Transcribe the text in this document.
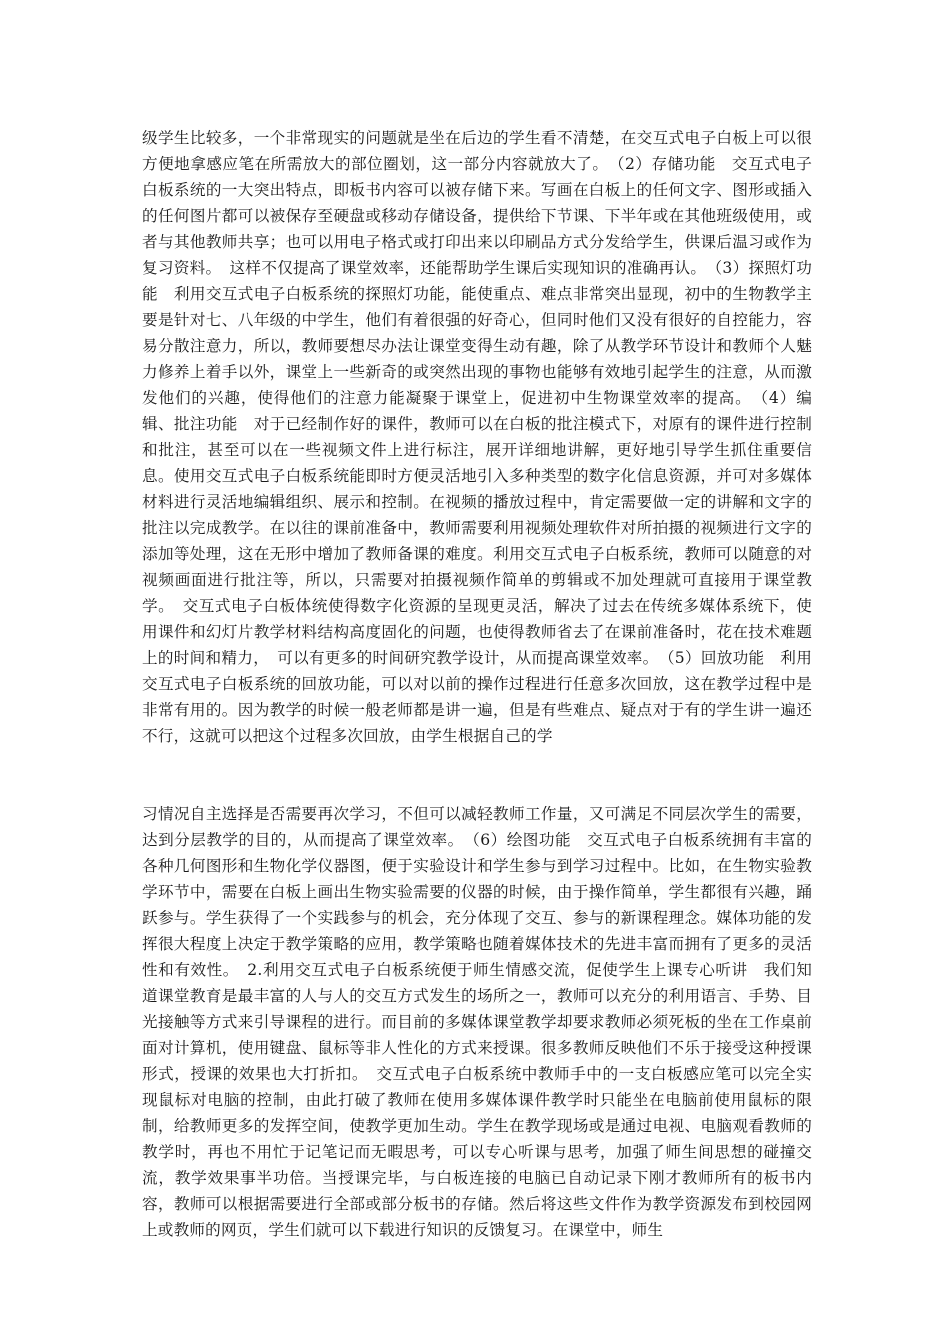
级学生比较多，一个非常现实的问题就是坐在后边的学生看不清楚，在交互式电子白板上可以很方便地拿感应笔在所需放大的部位圈划，这一部分内容就放大了。　（2）存储功能　交互式电子白板系统的一大突出特点，即板书内容可以被存储下来。写画在白板上的任何文字、图形或插入的任何图片都可以被保存至硬盘或移动存储设备，提供给下节课、下半年或在其他班级使用，或者与其他教师共享；也可以用电子格式或打印出来以印刷品方式分发给学生，供课后温习或作为复习资料。　这样不仅提高了课堂效率，还能帮助学生课后实现知识的准确再认。　（3）探照灯功能　利用交互式电子白板系统的探照灯功能，能使重点、难点非常突出显现，初中的生物教学主要是针对七、八年级的中学生，他们有着很强的好奇心，但同时他们又没有很好的自控能力，容易分散注意力，所以，教师要想尽办法让课堂变得生动有趣，除了从教学环节设计和教师个人魅力修养上着手以外，课堂上一些新奇的或突然出现的事物也能够有效地引起学生的注意，从而激发他们的兴趣，使得他们的注意力能凝聚于课堂上，促进初中生物课堂效率的提高。　（4）编辑、批注功能　对于已经制作好的课件，教师可以在白板的批注模式下，对原有的课件进行控制和批注，甚至可以在一些视频文件上进行标注，展开详细地讲解，更好地引导学生抓住重要信息。使用交互式电子白板系统能即时方便灵活地引入多种类型的数字化信息资源，并可对多媒体材料进行灵活地编辑组织、展示和控制。在视频的播放过程中，肯定需要做一定的讲解和文字的批注以完成教学。在以往的课前准备中，教师需要利用视频处理软件对所拍摄的视频进行文字的添加等处理，这在无形中增加了教师备课的难度。利用交互式电子白板系统，教师可以随意的对视频画面进行批注等，所以，只需要对拍摄视频作简单的剪辑或不加处理就可直接用于课堂教学。　交互式电子白板体统使得数字化资源的呈现更灵活，解决了过去在传统多媒体系统下，使用课件和幻灯片教学材料结构高度固化的问题，也使得教师省去了在课前准备时，花在技术难题上的时间和精力，　可以有更多的时间研究教学设计，从而提高课堂效率。　（5）回放功能　利用交互式电子白板系统的回放功能，可以对以前的操作过程进行任意多次回放，这在教学过程中是非常有用的。因为教学的时候一般老师都是讲一遍，但是有些难点、疑点对于有的学生讲一遍还不行，这就可以把这个过程多次回放，由学生根据自己的学
习情况自主选择是否需要再次学习，不但可以减轻教师工作量，又可满足不同层次学生的需要，达到分层教学的目的，从而提高了课堂效率。　（6）绘图功能　交互式电子白板系统拥有丰富的各种几何图形和生物化学仪器图，便于实验设计和学生参与到学习过程中。比如，在生物实验教学环节中，需要在白板上画出生物实验需要的仪器的时候，由于操作简单，学生都很有兴趣，踊跃参与。学生获得了一个实践参与的机会，充分体现了交互、参与的新课程理念。媒体功能的发挥很大程度上决定于教学策略的应用，教学策略也随着媒体技术的先进丰富而拥有了更多的灵活性和有效性。　2.利用交互式电子白板系统便于师生情感交流，促使学生上课专心听讲　我们知道课堂教育是最丰富的人与人的交互方式发生的场所之一，教师可以充分的利用语言、手势、目光接触等方式来引导课程的进行。而目前的多媒体课堂教学却要求教师必须死板的坐在工作桌前面对计算机，使用键盘、鼠标等非人性化的方式来授课。很多教师反映他们不乐于接受这种授课形式，授课的效果也大打折扣。　交互式电子白板系统中教师手中的一支白板感应笔可以完全实现鼠标对电脑的控制，由此打破了教师在使用多媒体课件教学时只能坐在电脑前使用鼠标的限制，给教师更多的发挥空间，使教学更加生动。学生在教学现场或是通过电视、电脑观看教师的教学时，再也不用忙于记笔记而无暇思考，可以专心听课与思考，加强了师生间思想的碰撞交流，教学效果事半功倍。当授课完毕，与白板连接的电脑已自动记录下刚才教师所有的板书内容，教师可以根据需要进行全部或部分板书的存储。然后将这些文件作为教学资源发布到校园网上或教师的网页，学生们就可以下载进行知识的反馈复习。在课堂中，师生
